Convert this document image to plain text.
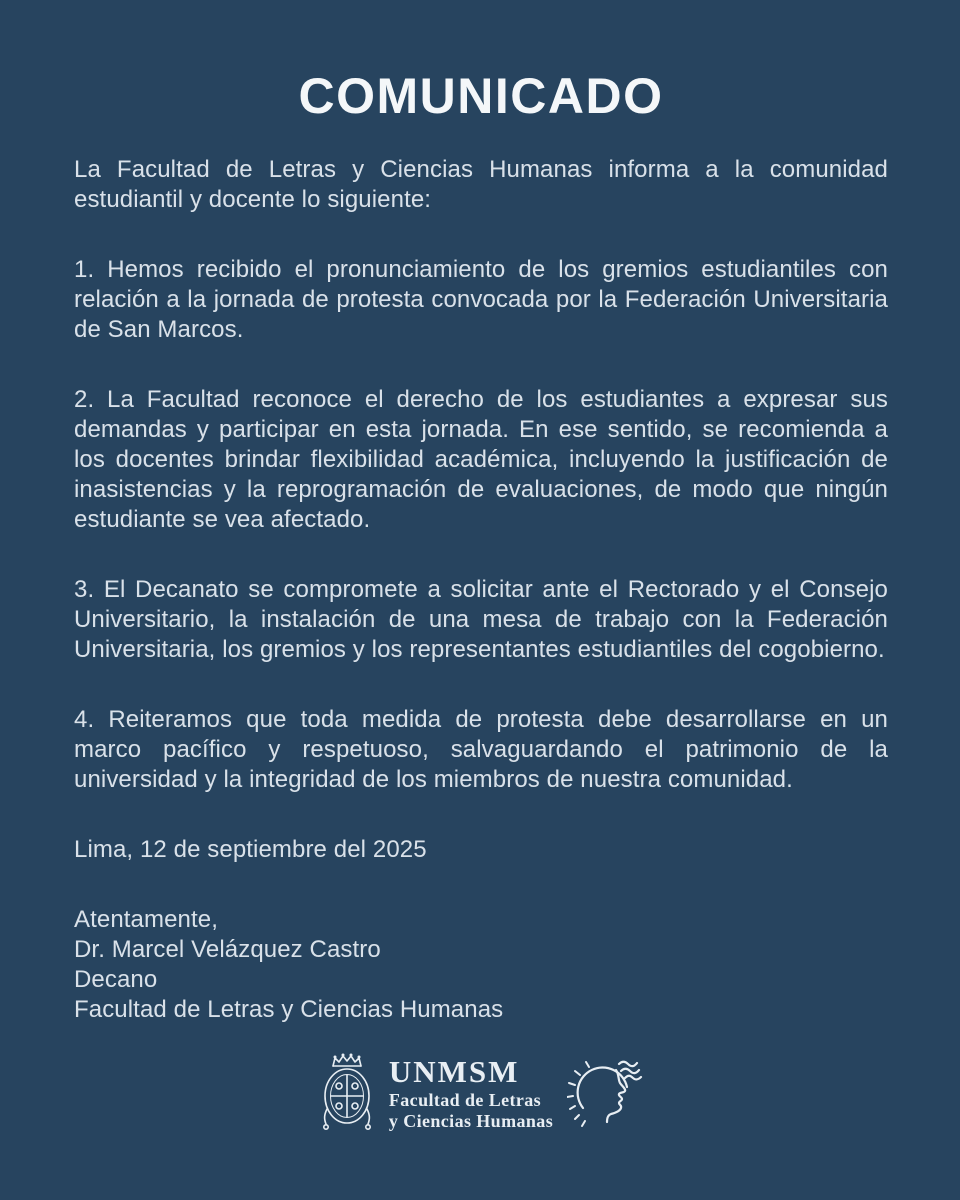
COMUNICADO

La Facultad de Letras y Ciencias Humanas informa a la comunidad estudiantil y docente lo siguiente:

1. Hemos recibido el pronunciamiento de los gremios estudiantiles con relación a la jornada de protesta convocada por la Federación Universitaria de San Marcos.

2. La Facultad reconoce el derecho de los estudiantes a expresar sus demandas y participar en esta jornada. En ese sentido, se recomienda a los docentes brindar flexibilidad académica, incluyendo la justificación de inasistencias y la reprogramación de evaluaciones, de modo que ningún estudiante se vea afectado.

3. El Decanato se compromete a solicitar ante el Rectorado y el Consejo Universitario, la instalación de una mesa de trabajo con la Federación Universitaria, los gremios y los representantes estudiantiles del cogobierno.

4. Reiteramos que toda medida de protesta debe desarrollarse en un marco pacífico y respetuoso, salvaguardando el patrimonio de la universidad y la integridad de los miembros de nuestra comunidad.

Lima, 12 de septiembre del 2025

Atentamente,

Dr. Marcel Velázquez Castro

Decano

Facultad de Letras y Ciencias Humanas

UNMSM
Facultad de Letras
y Ciencias Humanas
